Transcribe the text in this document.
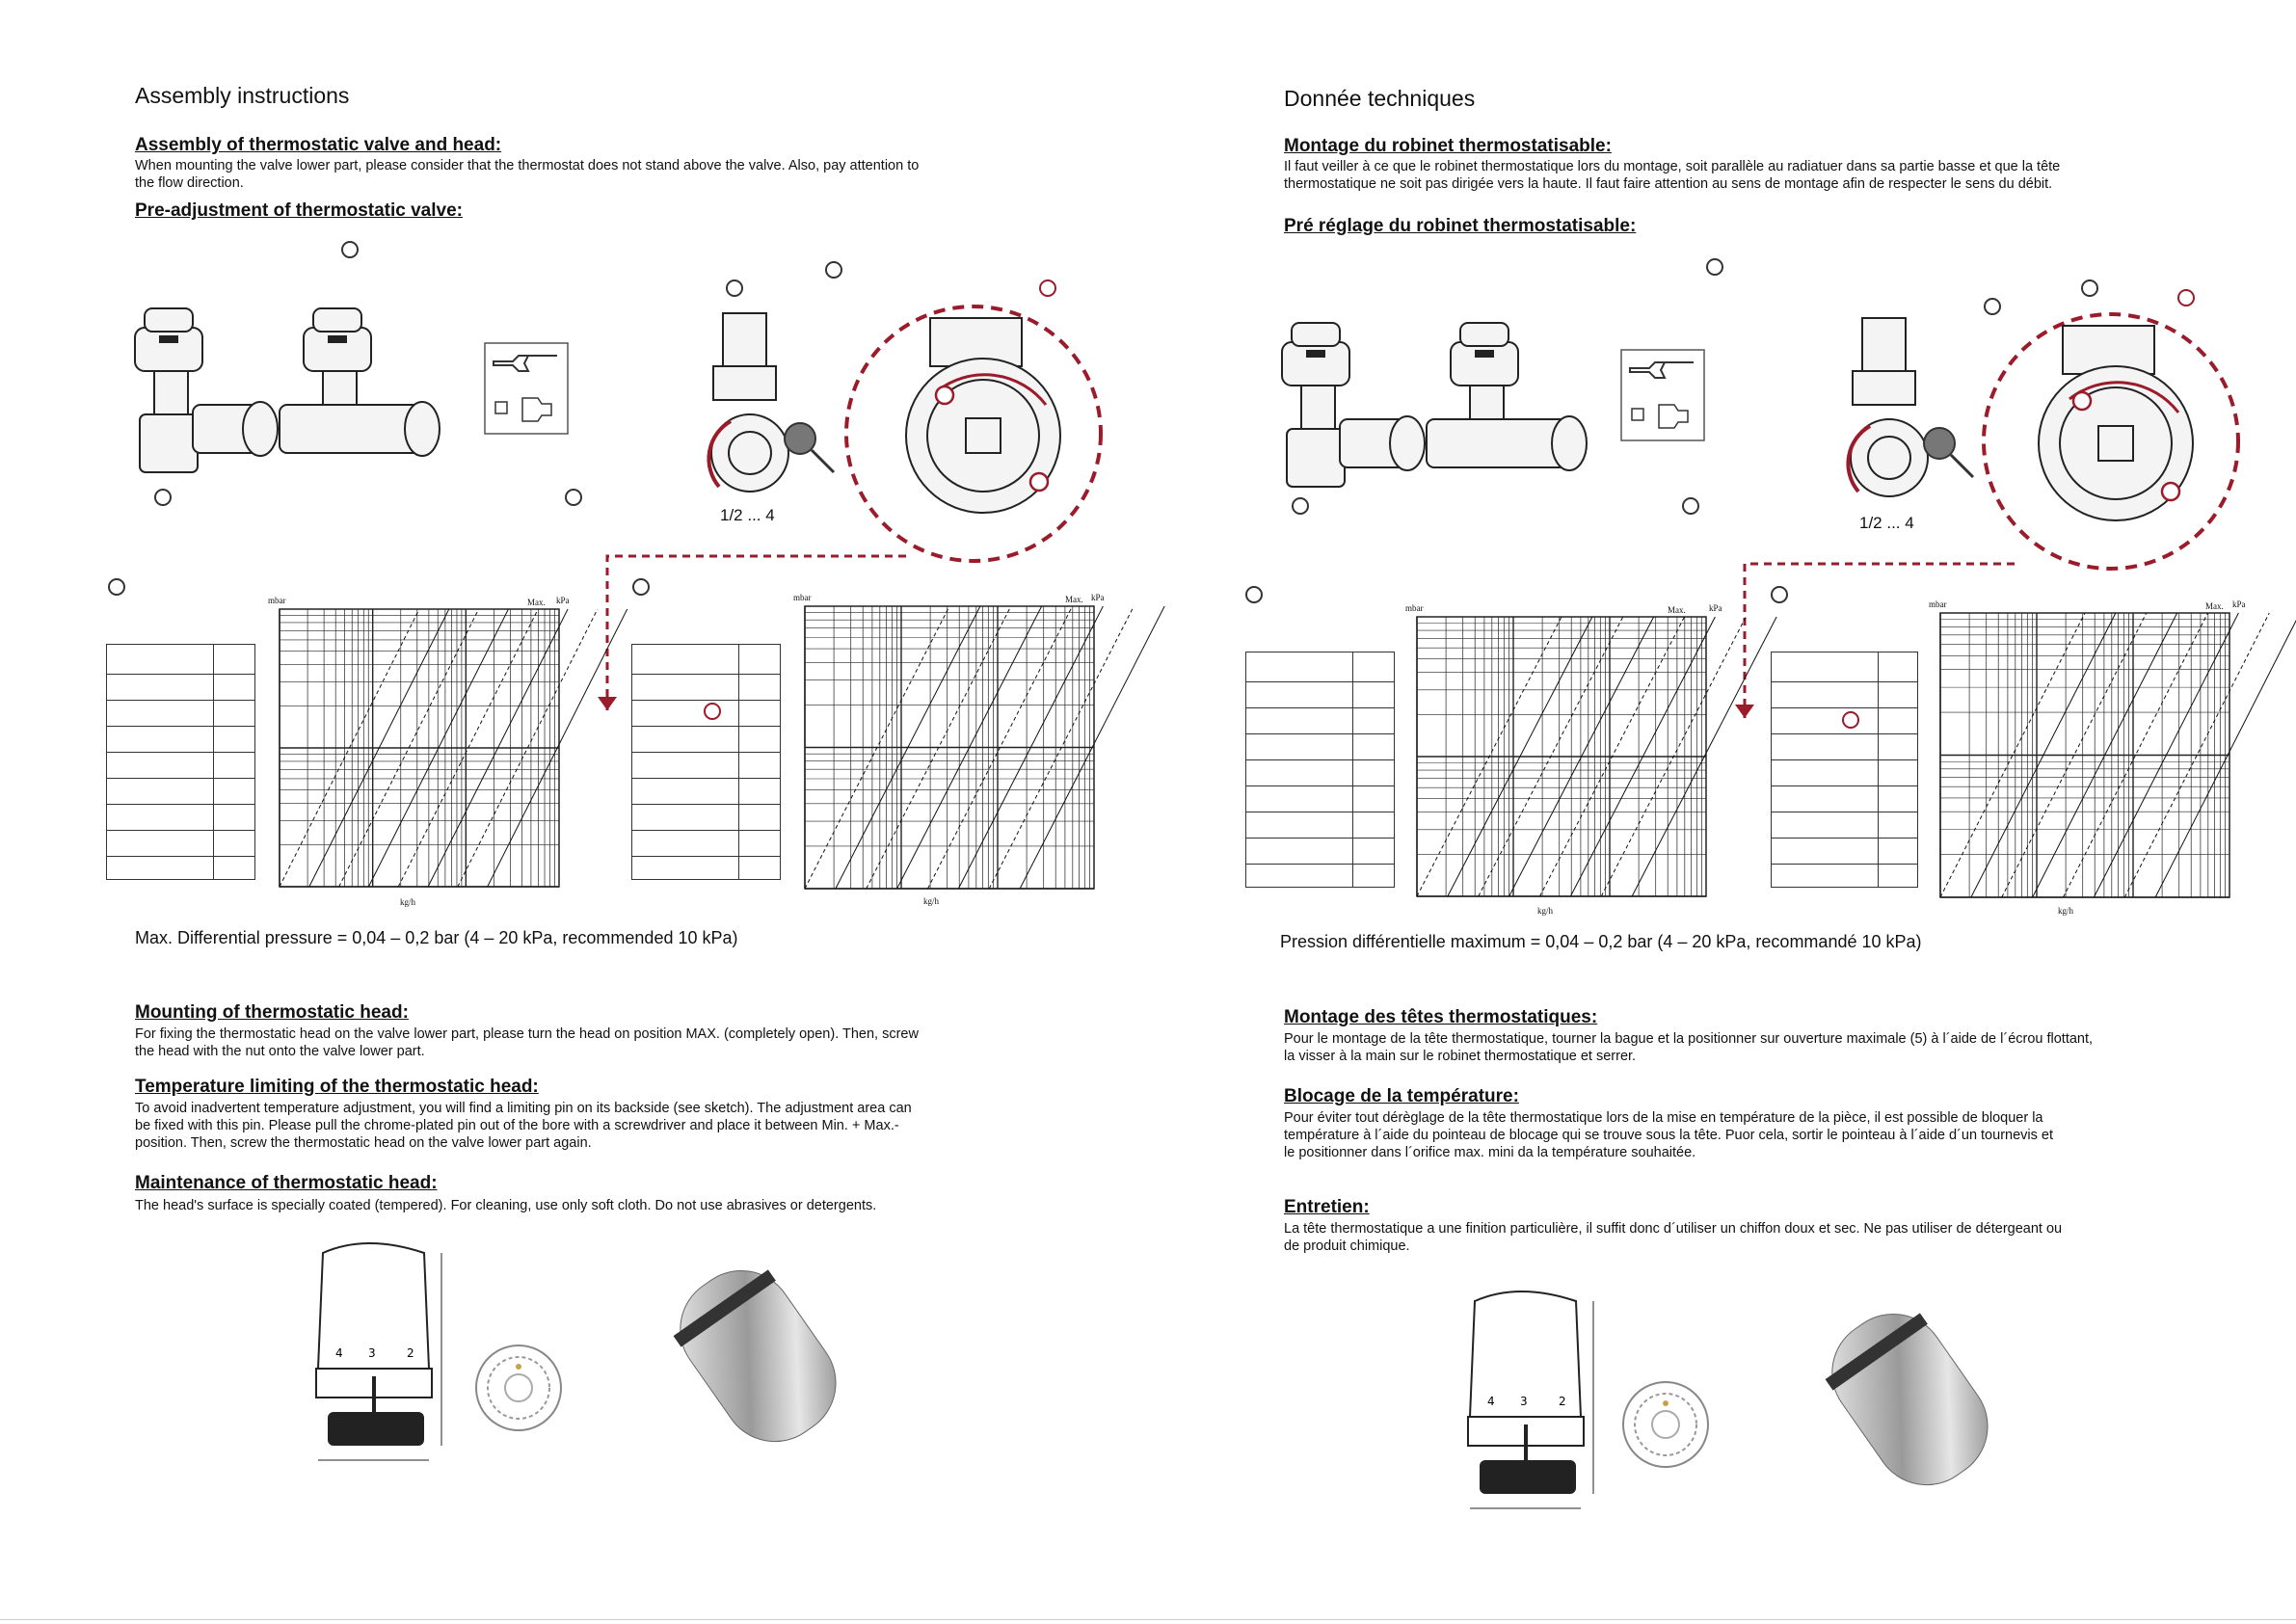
Assembly instructions
Assembly of thermostatic valve and head:
When mounting the valve lower part, please consider that the thermostat does not stand above the valve. Also, pay attention to
the flow direction.
Pre-adjustment of thermostatic valve:
1/2 ... 4
mbar	Max. kPa
kg/h
mbar	Max. kPa
kg/h
Max. Differential pressure = 0,04 – 0,2 bar (4 – 20 kPa, recommended 10 kPa)
Mounting of thermostatic head:
For fixing the thermostatic head on the valve lower part, please turn the head on position MAX. (completely open). Then, screw
the head with the nut onto the valve lower part.
Temperature limiting of the thermostatic head:
To avoid inadvertent temperature adjustment, you will find a limiting pin on its backside (see sketch). The adjustment area can
be fixed with this pin. Please pull the chrome-plated pin out of the bore with a screwdriver and place it between Min. + Max.-
position. Then, screw the thermostatic head on the valve lower part again.
Maintenance of thermostatic head:
The head's surface is specially coated (tempered). For cleaning, use only soft cloth. Do not use abrasives or detergents.
4 3	2
Donnée techniques
Montage du robinet thermostatisable:
Il faut veiller à ce que le robinet thermostatique lors du montage, soit parallèle au radiatuer dans sa partie basse et que la tête
thermostatique ne soit pas dirigée vers la haute. Il faut faire attention au sens de montage afin de respecter le sens du débit.
Pré réglage du robinet thermostatisable:
1/2 ... 4
mbar	Max.	kPa
kg/h
mbar	Max. kPa
kg/h
Pression différentielle maximum = 0,04 – 0,2 bar (4 – 20 kPa, recommandé 10 kPa)
Montage des têtes thermostatiques:
Pour le montage de la tête thermostatique, tourner la bague et la positionner sur ouverture maximale (5) à l´aide de l´écrou flottant,
la visser à la main sur le robinet thermostatique et serrer.
Blocage de la température:
Pour éviter tout dérèglage de la tête thermostatique lors de la mise en température de la pièce, il est possible de bloquer la
température à l´aide du pointeau de blocage qui se trouve sous la tête. Puor cela, sortir le pointeau à l´aide d´un tournevis et
le positionner dans l´orifice max. mini da la température souhaitée.
Entretien:
La tête thermostatique a une finition particulière, il suffit donc d´utiliser un chiffon doux et sec. Ne pas utiliser de détergeant ou
de produit chimique.
4 3	2
